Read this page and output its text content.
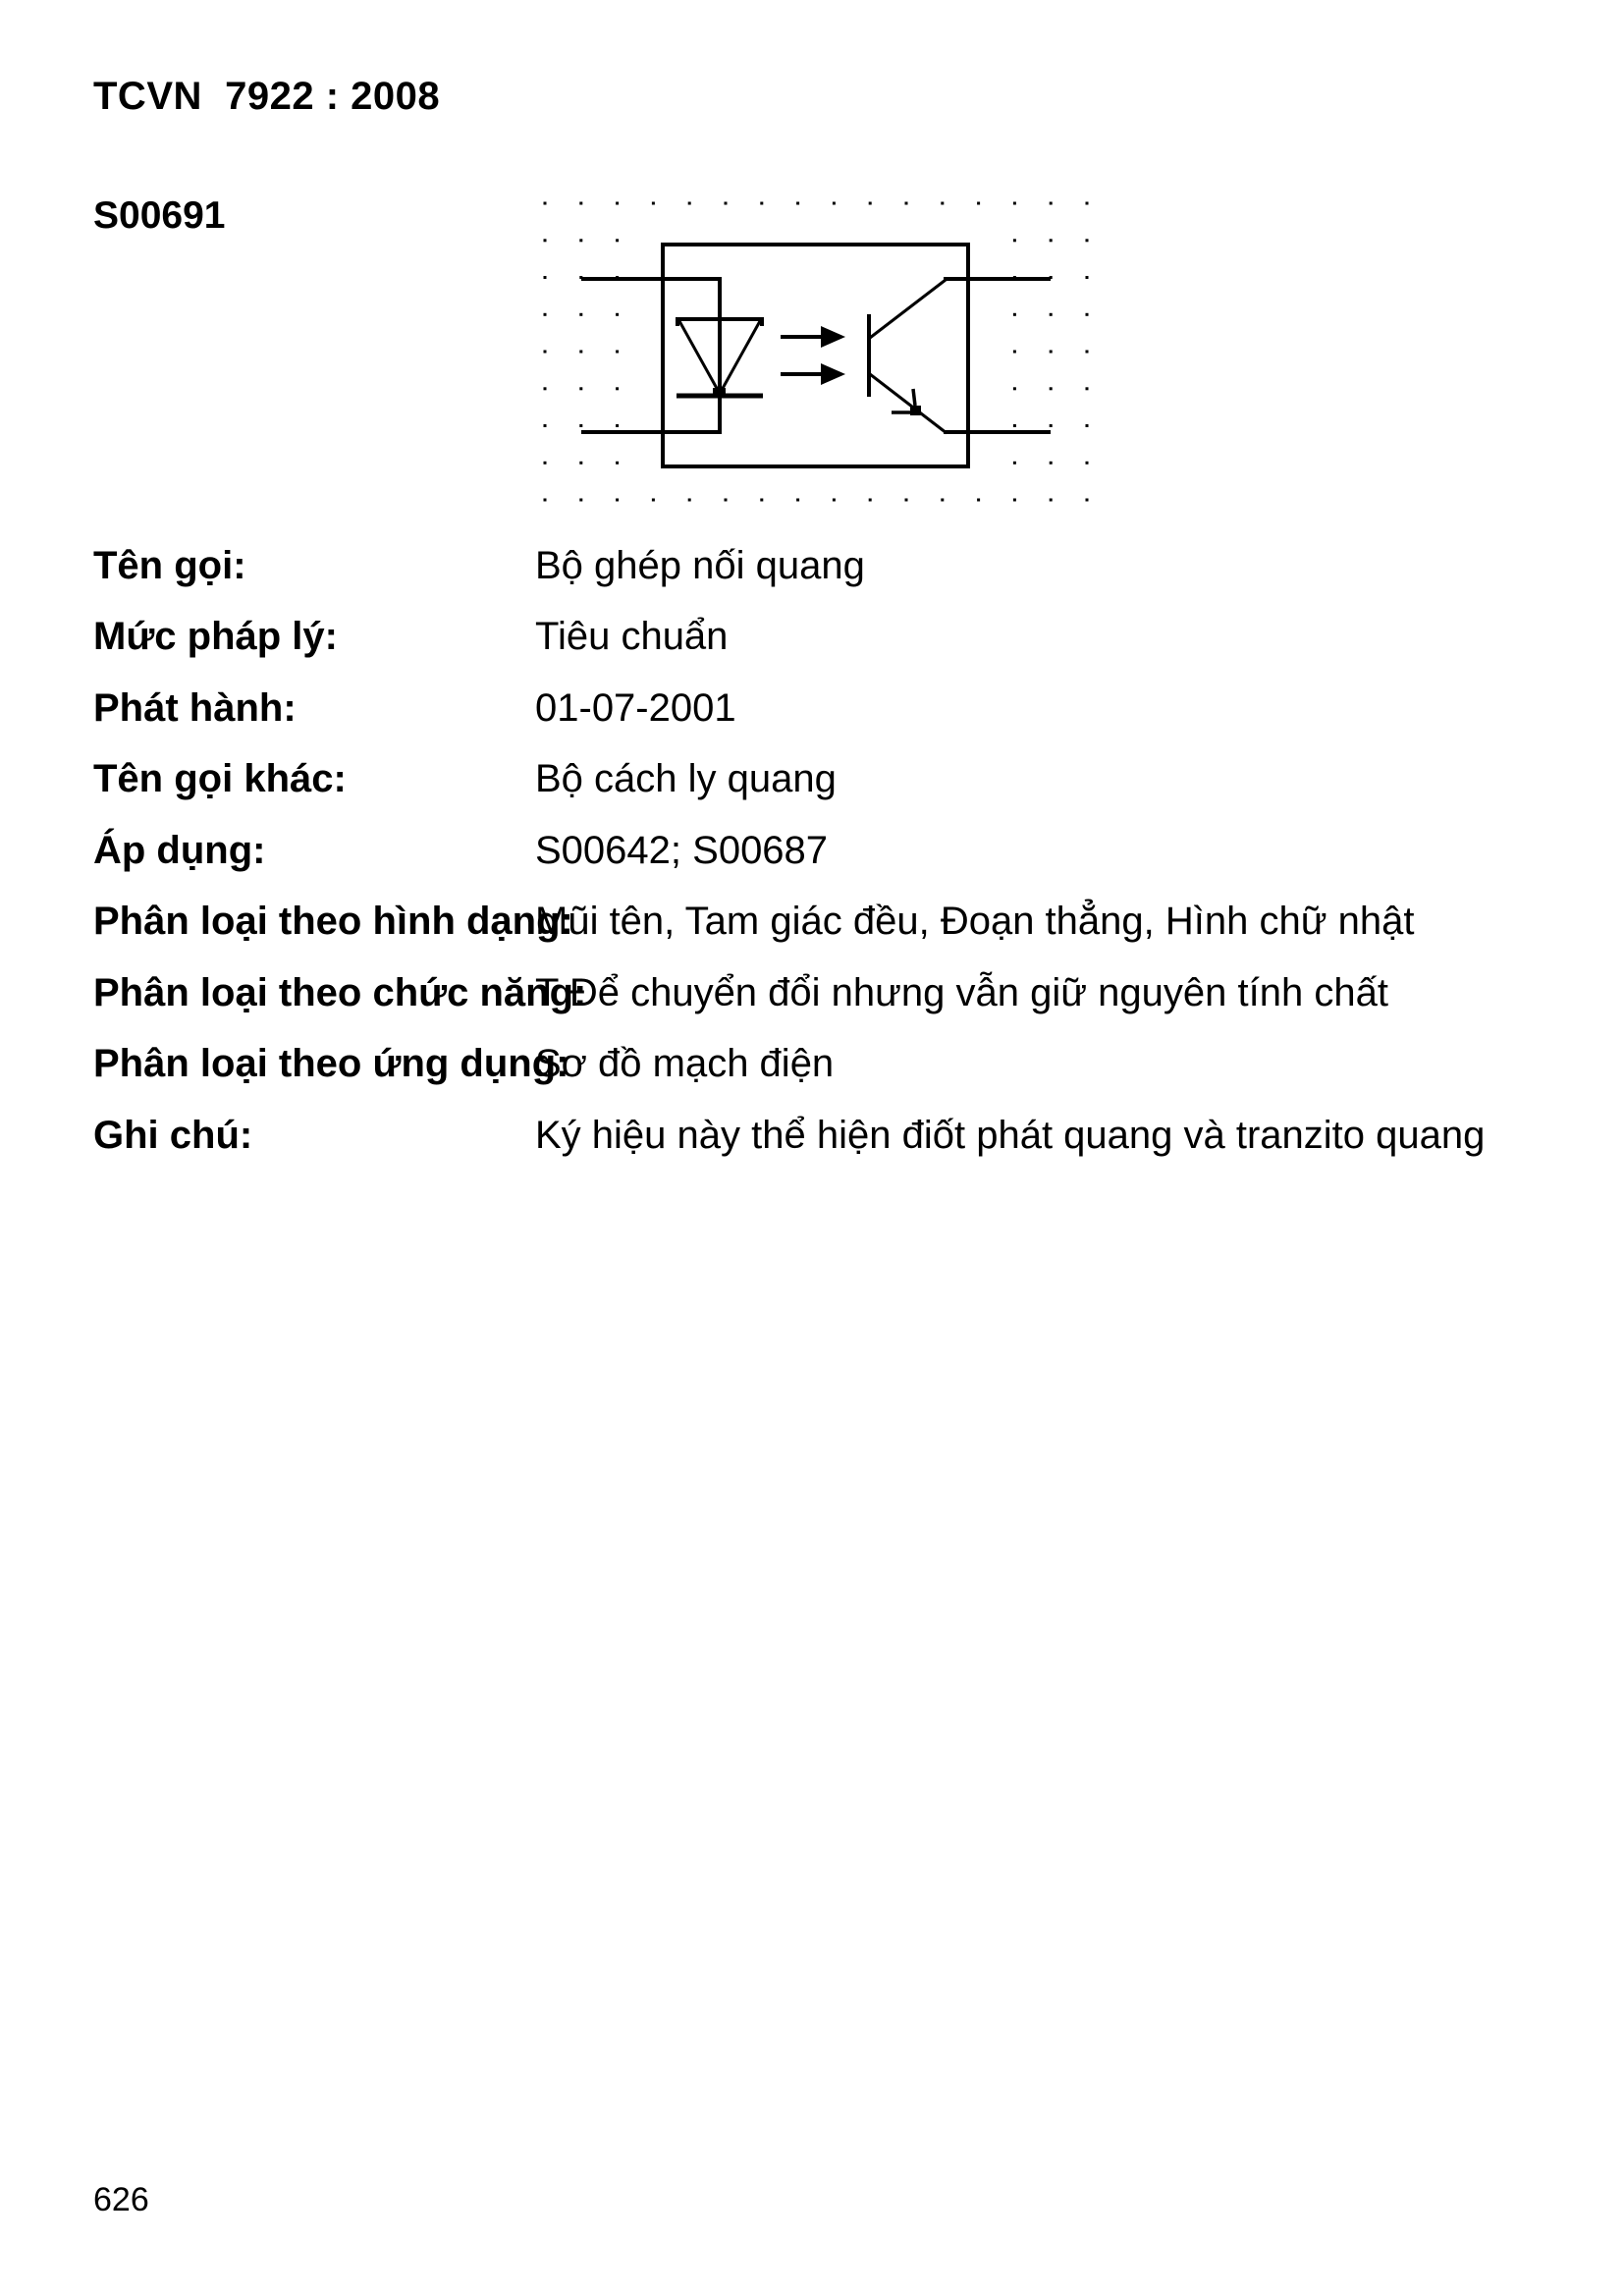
TCVN  7922 : 2008
S00691
Tên gọi:	Bộ ghép nối quang
Mức pháp lý:	Tiêu chuẩn
Phát hành:	01-07-2001
Tên gọi khác:	Bộ cách ly quang
Áp dụng:	S00642; S00687
Phân loại theo hình dạng:
Mũi tên, Tam giác đều, Đoạn thẳng, Hình chữ nhật
Phân loại theo chức năng:
T Để chuyển đổi nhưng vẫn giữ nguyên tính chất
Phân loại theo ứng dụng:
Sơ đồ mạch điện
Ghi chú:	Ký hiệu này thể hiện điốt phát quang và tranzito quang
626
